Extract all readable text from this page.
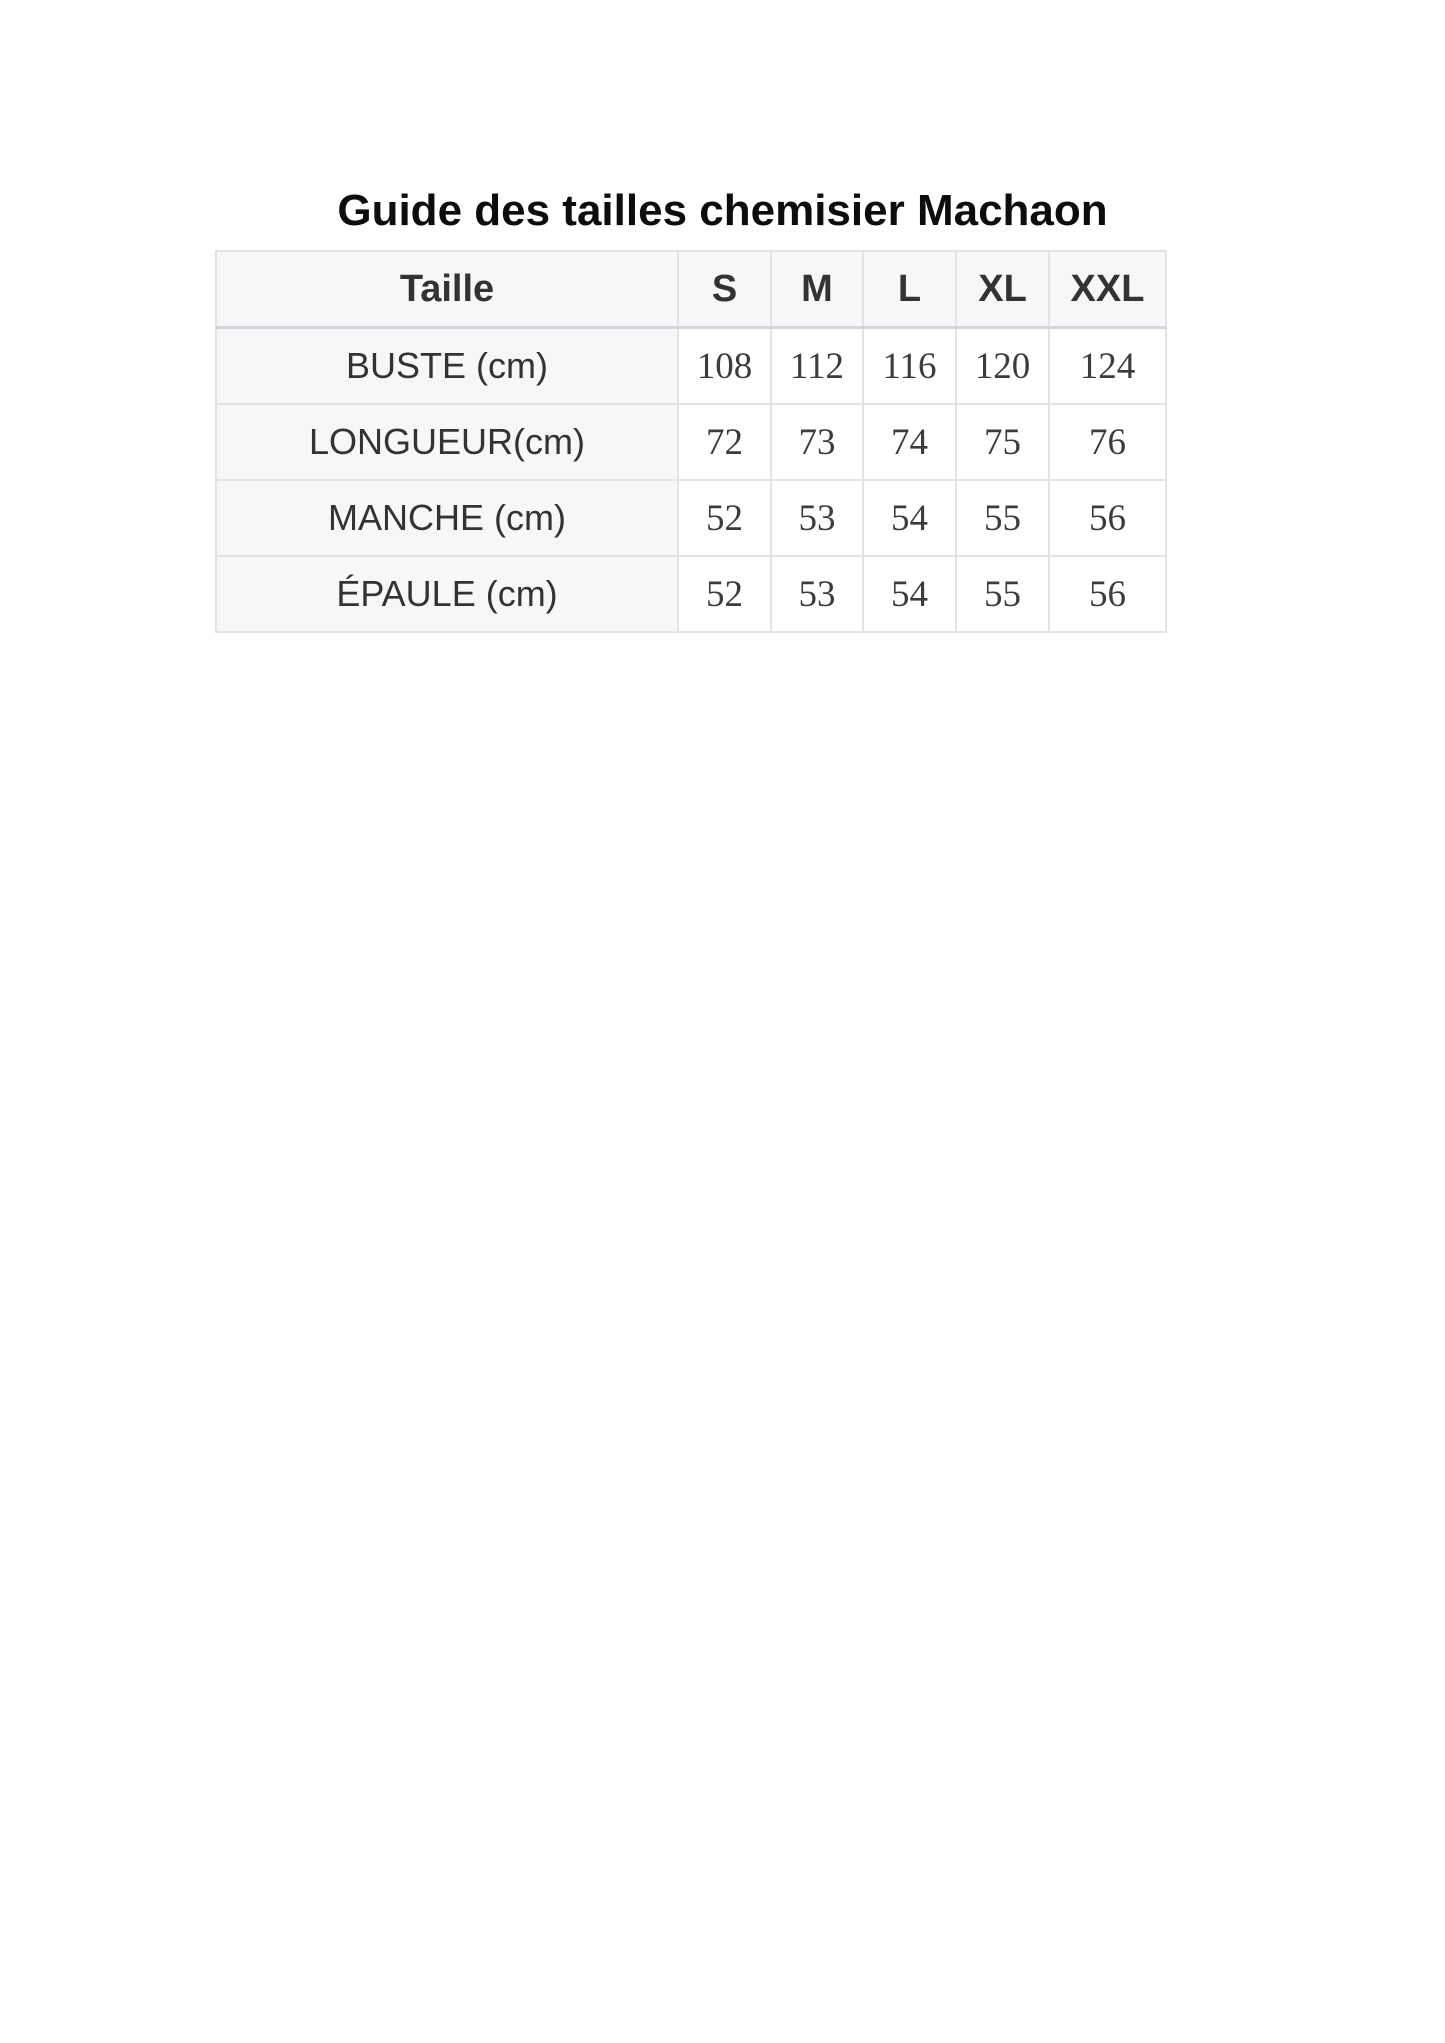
Guide des tailles chemisier Machaon
Taille	S	M	L	XL	XXL
BUSTE (cm)	108	112	116	120	124
LONGUEUR(cm)	72	73	74	75	76
MANCHE (cm)	52	53	54	55	56
ÉPAULE (cm)	52	53	54	55	56
